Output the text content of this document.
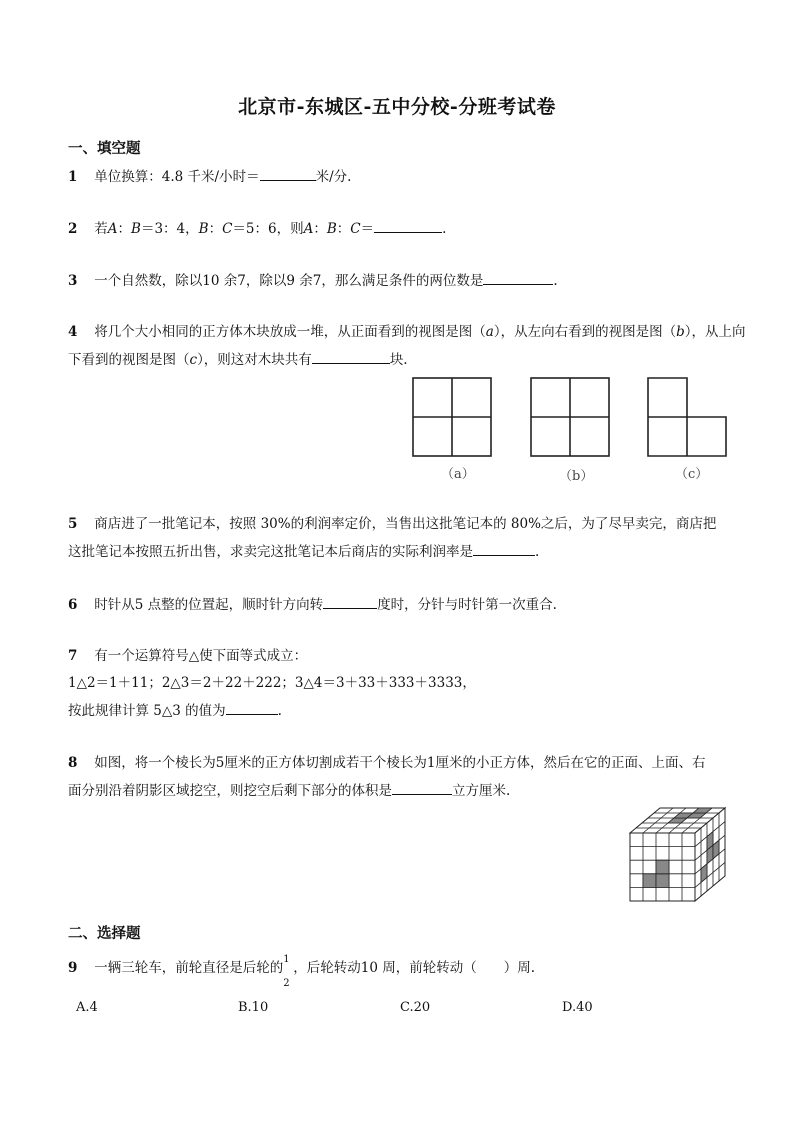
北京市-东城区-五中分校-分班考试卷
一、填空题
1 单位换算：4.8 千米/小时＝	米/分.
2 若A：B＝3：4，B：C＝5：6，则A：B：C＝	.
3 一个自然数，除以10 余7，除以9 余7，那么满足条件的两位数是	.
4 将几个大小相同的正方体木块放成一堆，从正面看到的视图是图（a），从左向右看到的视图是图（b），从上向
下看到的视图是图（c），则这对木块共有	块.
（a）	（b）	（c）
5 商店进了一批笔记本，按照 30%的利润率定价，当售出这批笔记本的 80%之后，为了尽早卖完，商店把
这批笔记本按照五折出售，求卖完这批笔记本后商店的实际利润率是	.
6 时针从5 点整的位置起，顺时针方向转	度时，分针与时针第一次重合.
7 有一个运算符号△使下面等式成立：
1△2＝1＋11；2△3＝2＋22＋222；3△4＝3＋33＋333＋3333，
按此规律计算 5△3 的值为	.
8 如图，将一个棱长为5厘米的正方体切割成若干个棱长为1厘米的小正方体，然后在它的正面、上面、右
面分别沿着阴影区域挖空，则挖空后剩下部分的体积是	立方厘米.
二、选择题
9 一辆三轮车，前轮直径是后轮的
1
2
，后轮转动10 周，前轮转动（　　）周.
A.4	B.10	C.20	D.40
